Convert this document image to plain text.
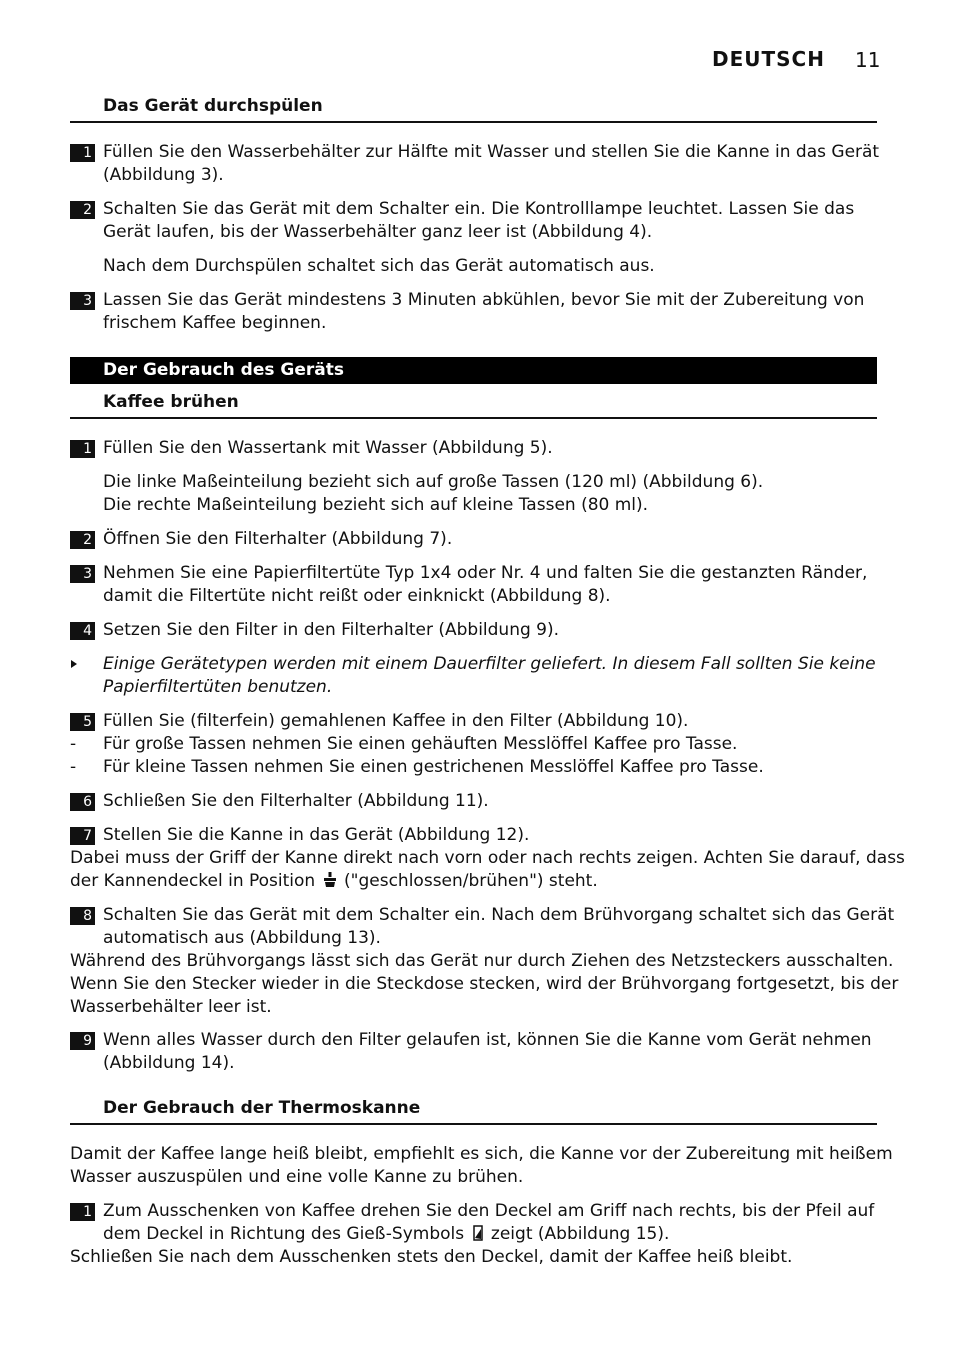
DEUTSCH 11
Das Gerät durchspülen
1 Füllen Sie den Wasserbehälter zur Hälfte mit Wasser und stellen Sie die Kanne in das Gerät
(Abbildung 3).
2 Schalten Sie das Gerät mit dem Schalter ein. Die Kontrolllampe leuchtet. Lassen Sie das
Gerät laufen, bis der Wasserbehälter ganz leer ist (Abbildung 4).
Nach dem Durchspülen schaltet sich das Gerät automatisch aus.
3 Lassen Sie das Gerät mindestens 3 Minuten abkühlen, bevor Sie mit der Zubereitung von
frischem Kaffee beginnen.
Der Gebrauch des Geräts
Kaffee brühen
1 Füllen Sie den Wassertank mit Wasser (Abbildung 5).
Die linke Maßeinteilung bezieht sich auf große Tassen (120 ml) (Abbildung 6).
Die rechte Maßeinteilung bezieht sich auf kleine Tassen (80 ml).
2 Öffnen Sie den Filterhalter (Abbildung 7).
3 Nehmen Sie eine Papierfiltertüte Typ 1x4 oder Nr. 4 und falten Sie die gestanzten Ränder,
damit die Filtertüte nicht reißt oder einknickt (Abbildung 8).
4 Setzen Sie den Filter in den Filterhalter (Abbildung 9).
Einige Gerätetypen werden mit einem Dauerfilter geliefert. In diesem Fall sollten Sie keine
Papierfiltertüten benutzen.
5 Füllen Sie (filterfein) gemahlenen Kaffee in den Filter (Abbildung 10).
- Für große Tassen nehmen Sie einen gehäuften Messlöffel Kaffee pro Tasse.
- Für kleine Tassen nehmen Sie einen gestrichenen Messlöffel Kaffee pro Tasse.
6 Schließen Sie den Filterhalter (Abbildung 11).
7 Stellen Sie die Kanne in das Gerät (Abbildung 12).
Dabei muss der Griff der Kanne direkt nach vorn oder nach rechts zeigen. Achten Sie darauf, dass
der Kannendeckel in Position ("geschlossen/brühen") steht.
8 Schalten Sie das Gerät mit dem Schalter ein. Nach dem Brühvorgang schaltet sich das Gerät
automatisch aus (Abbildung 13).
Während des Brühvorgangs lässt sich das Gerät nur durch Ziehen des Netzsteckers ausschalten.
Wenn Sie den Stecker wieder in die Steckdose stecken, wird der Brühvorgang fortgesetzt, bis der
Wasserbehälter leer ist.
9 Wenn alles Wasser durch den Filter gelaufen ist, können Sie die Kanne vom Gerät nehmen
(Abbildung 14).
Der Gebrauch der Thermoskanne
Damit der Kaffee lange heiß bleibt, empfiehlt es sich, die Kanne vor der Zubereitung mit heißem
Wasser auszuspülen und eine volle Kanne zu brühen.
1 Zum Ausschenken von Kaffee drehen Sie den Deckel am Griff nach rechts, bis der Pfeil auf
dem Deckel in Richtung des Gieß-Symbols zeigt (Abbildung 15).
Schließen Sie nach dem Ausschenken stets den Deckel, damit der Kaffee heiß bleibt.
